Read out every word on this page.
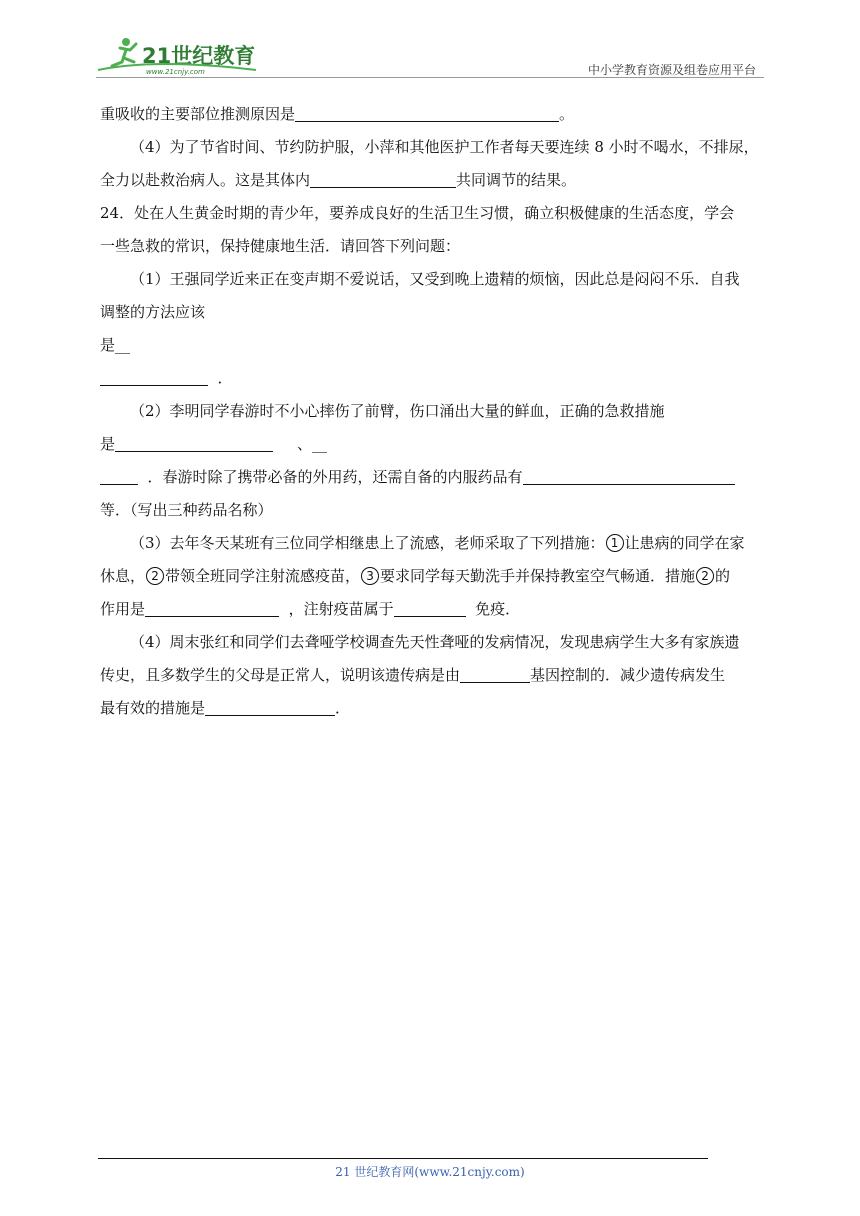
21世纪教育
www.21cnjy.com	中小学教育资源及组卷应用平台
重吸收的主要部位推测原因是	。
（4）为了节省时间、节约防护服，小萍和其他医护工作者每天要连续 8 小时不喝水，不排尿，
全力以赴救治病人。这是其体内	共同调节的结果。
24．处在人生黄金时期的青少年，要养成良好的生活卫生习惯，确立积极健康的生活态度，学会
一些急救的常识，保持健康地生活．请回答下列问题：
（1）王强同学近来正在变声期不爱说话，又受到晚上遗精的烦恼，因此总是闷闷不乐．自我
调整的方法应该
是__
．
（2）李明同学春游时不小心摔伤了前臂，伤口涌出大量的鲜血，正确的急救措施
是	、__
．春游时除了携带必备的外用药，还需自备的内服药品有
等．（写出三种药品名称）
（3）去年冬天某班有三位同学相继患上了流感，老师采取了下列措施： 1 让患病的同学在家
休息， 2 带领全班同学注射流感疫苗， 3 要求同学每天勤洗手并保持教室空气畅通．措施 2 的
作用是	，注射疫苗属于	免疫．
（4）周末张红和同学们去聋哑学校调查先天性聋哑的发病情况，发现患病学生大多有家族遗
传史，且多数学生的父母是正常人，说明该遗传病是由	基因控制的．减少遗传病发生
最有效的措施是	．
21 世纪教育网(www.21cnjy.com)
